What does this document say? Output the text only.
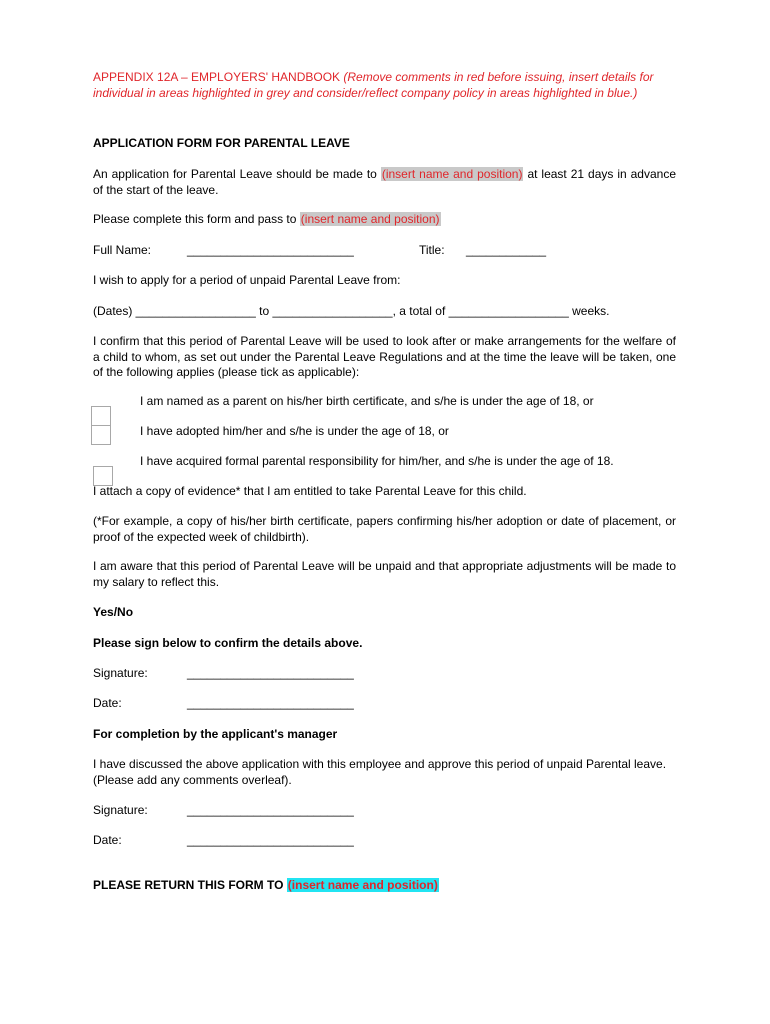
APPENDIX 12A – EMPLOYERS' HANDBOOK (Remove comments in red before issuing, insert details for individual in areas highlighted in grey and consider/reflect company policy in areas highlighted in blue.)
APPLICATION FORM FOR PARENTAL LEAVE
An application for Parental Leave should be made to (insert name and position) at least 21 days in advance of the start of the leave.
Please complete this form and pass to (insert name and position)
Full Name:	_________________________	Title: ____________
I wish to apply for a period of unpaid Parental Leave from:
(Dates) __________________ to __________________, a total of __________________ weeks.
I confirm that this period of Parental Leave will be used to look after or make arrangements for the welfare of a child to whom, as set out under the Parental Leave Regulations and at the time the leave will be taken, one of the following applies (please tick as applicable):
I am named as a parent on his/her birth certificate, and s/he is under the age of 18, or
I have adopted him/her and s/he is under the age of 18, or
I have acquired formal parental responsibility for him/her, and s/he is under the age of 18.
I attach a copy of evidence* that I am entitled to take Parental Leave for this child.
(*For example, a copy of his/her birth certificate, papers confirming his/her adoption or date of placement, or proof of the expected week of childbirth).
I am aware that this period of Parental Leave will be unpaid and that appropriate adjustments will be made to my salary to reflect this.
Yes/No
Please sign below to confirm the details above.
Signature:	_________________________
Date:	_________________________
For completion by the applicant's manager
I have discussed the above application with this employee and approve this period of unpaid Parental leave. (Please add any comments overleaf).
Signature:	_________________________
Date:	_________________________
PLEASE RETURN THIS FORM TO (insert name and position)
